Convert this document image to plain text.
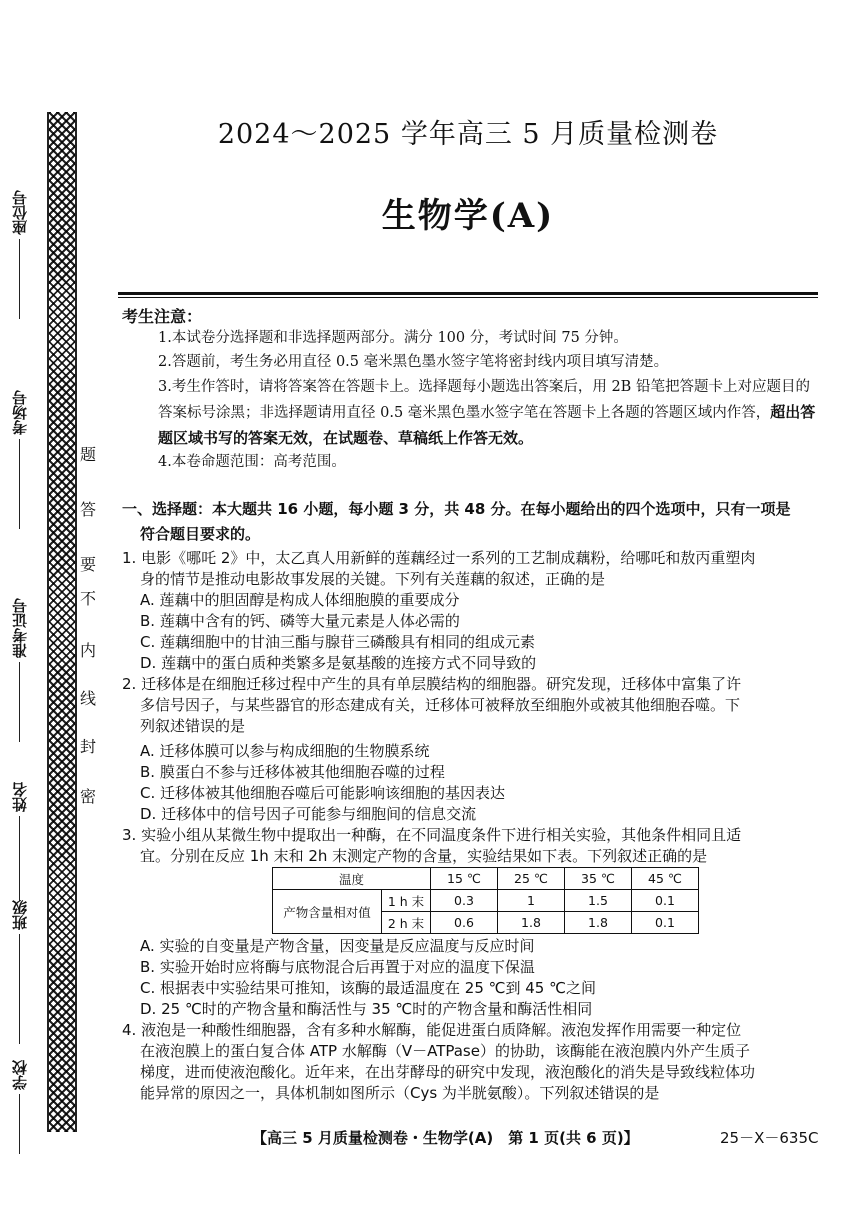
座位号
考场号
准考证号
姓名
班级
学校
题
答
要
不
内
线
封
密
2024～2025 学年高三 5 月质量检测卷
生物学(A)
考生注意：
1.本试卷分选择题和非选择题两部分。满分 100 分，考试时间 75 分钟。
2.答题前，考生务必用直径 0.5 毫米黑色墨水签字笔将密封线内项目填写清楚。
3.考生作答时，请将答案答在答题卡上。选择题每小题选出答案后，用 2B 铅笔把答题卡上对应题目的答案标号涂黑；非选择题请用直径 0.5 毫米黑色墨水签字笔在答题卡上各题的答题区域内作答，超出答题区域书写的答案无效，在试题卷、草稿纸上作答无效。
4.本卷命题范围：高考范围。
一、选择题：本大题共 16 小题，每小题 3 分，共 48 分。在每小题给出的四个选项中，只有一项是
符合题目要求的。
1. 电影《哪吒 2》中，太乙真人用新鲜的莲藕经过一系列的工艺制成藕粉，给哪吒和敖丙重塑肉
身的情节是推动电影故事发展的关键。下列有关莲藕的叙述，正确的是
A. 莲藕中的胆固醇是构成人体细胞膜的重要成分
B. 莲藕中含有的钙、磷等大量元素是人体必需的
C. 莲藕细胞中的甘油三酯与腺苷三磷酸具有相同的组成元素
D. 莲藕中的蛋白质种类繁多是氨基酸的连接方式不同导致的
2. 迁移体是在细胞迁移过程中产生的具有单层膜结构的细胞器。研究发现，迁移体中富集了许
多信号因子，与某些器官的形态建成有关，迁移体可被释放至细胞外或被其他细胞吞噬。下
列叙述错误的是
A. 迁移体膜可以参与构成细胞的生物膜系统
B. 膜蛋白不参与迁移体被其他细胞吞噬的过程
C. 迁移体被其他细胞吞噬后可能影响该细胞的基因表达
D. 迁移体中的信号因子可能参与细胞间的信息交流
3. 实验小组从某微生物中提取出一种酶，在不同温度条件下进行相关实验，其他条件相同且适
宜。分别在反应 1h 末和 2h 末测定产物的含量，实验结果如下表。下列叙述正确的是
温度		15 ℃	25 ℃	35 ℃	45 ℃
产物含量相对值	1 h 末	0.3	1	1.5	0.1
	2 h 末	0.6	1.8	1.8	0.1
A. 实验的自变量是产物含量，因变量是反应温度与反应时间
B. 实验开始时应将酶与底物混合后再置于对应的温度下保温
C. 根据表中实验结果可推知，该酶的最适温度在 25 ℃到 45 ℃之间
D. 25 ℃时的产物含量和酶活性与 35 ℃时的产物含量和酶活性相同
4. 液泡是一种酸性细胞器，含有多种水解酶，能促进蛋白质降解。液泡发挥作用需要一种定位
在液泡膜上的蛋白复合体 ATP 水解酶（V－ATPase）的协助，该酶能在液泡膜内外产生质子
梯度，进而使液泡酸化。近年来，在出芽酵母的研究中发现，液泡酸化的消失是导致线粒体功
能异常的原因之一，具体机制如图所示（Cys 为半胱氨酸）。下列叙述错误的是
【高三 5 月质量检测卷・生物学(A)　第 1 页(共 6 页)】	25－X－635C
